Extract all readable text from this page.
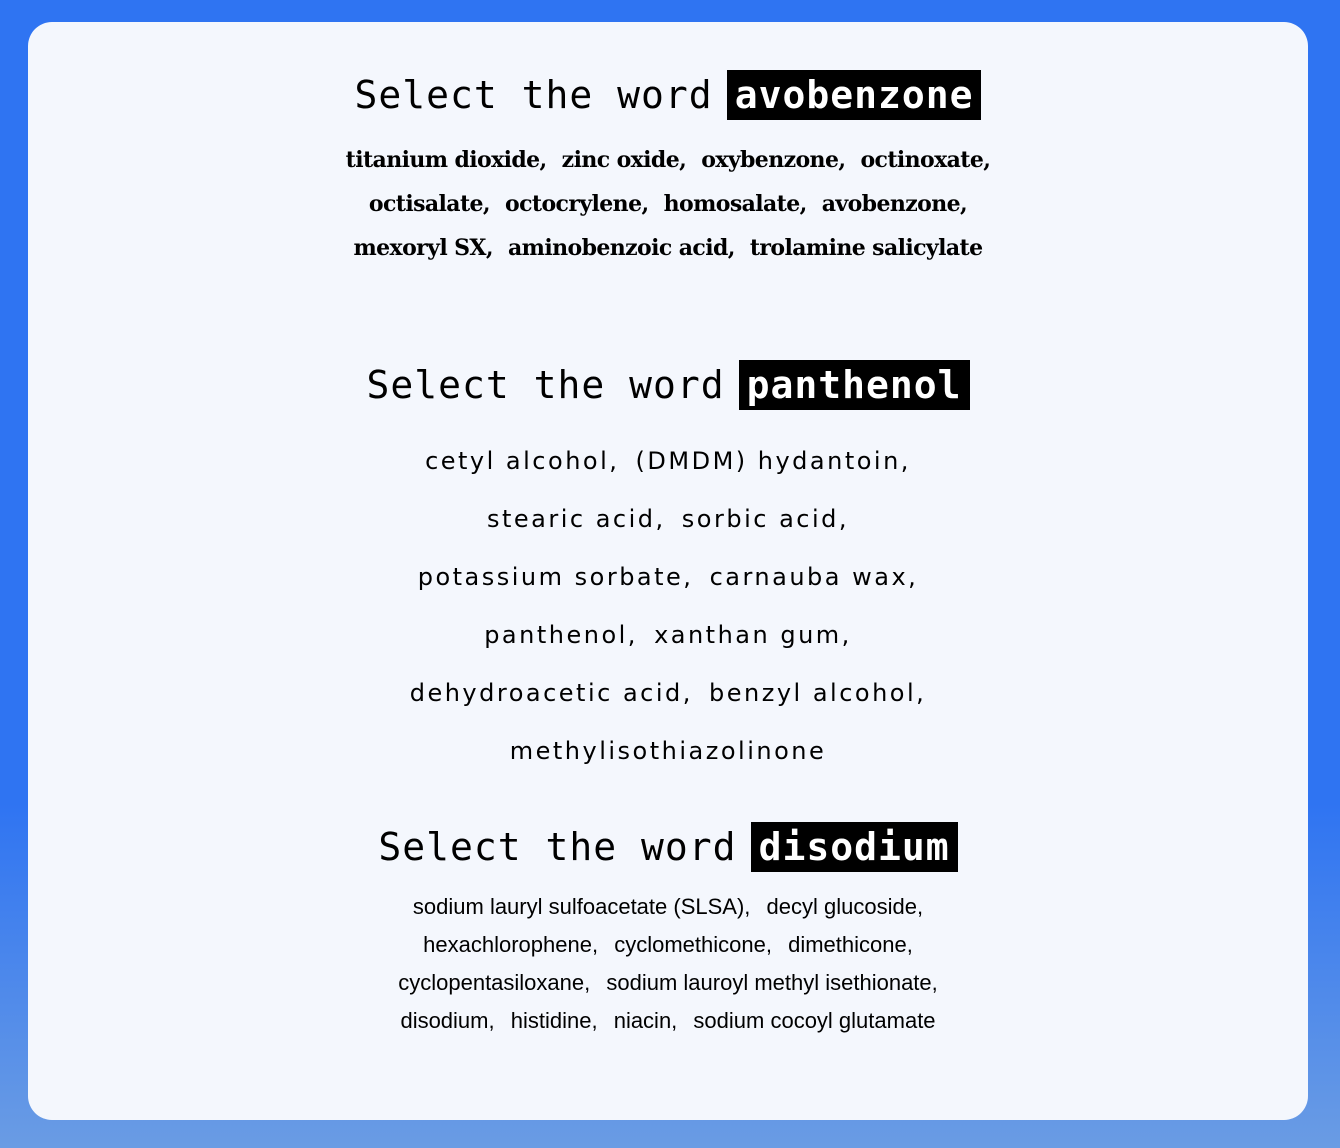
Select the word avobenzone
titanium dioxide, zinc oxide, oxybenzone, octinoxate, octisalate, octocrylene, homosalate, avobenzone, mexoryl SX, aminobenzoic acid, trolamine salicylate
Select the word panthenol
cetyl alcohol, (DMDM) hydantoin, stearic acid, sorbic acid, potassium sorbate, carnauba wax, panthenol, xanthan gum, dehydroacetic acid, benzyl alcohol, methylisothiazolinone
Select the word disodium
sodium lauryl sulfoacetate (SLSA), decyl glucoside, hexachlorophene, cyclomethicone, dimethicone, cyclopentasiloxane, sodium lauroyl methyl isethionate, disodium, histidine, niacin, sodium cocoyl glutamate
